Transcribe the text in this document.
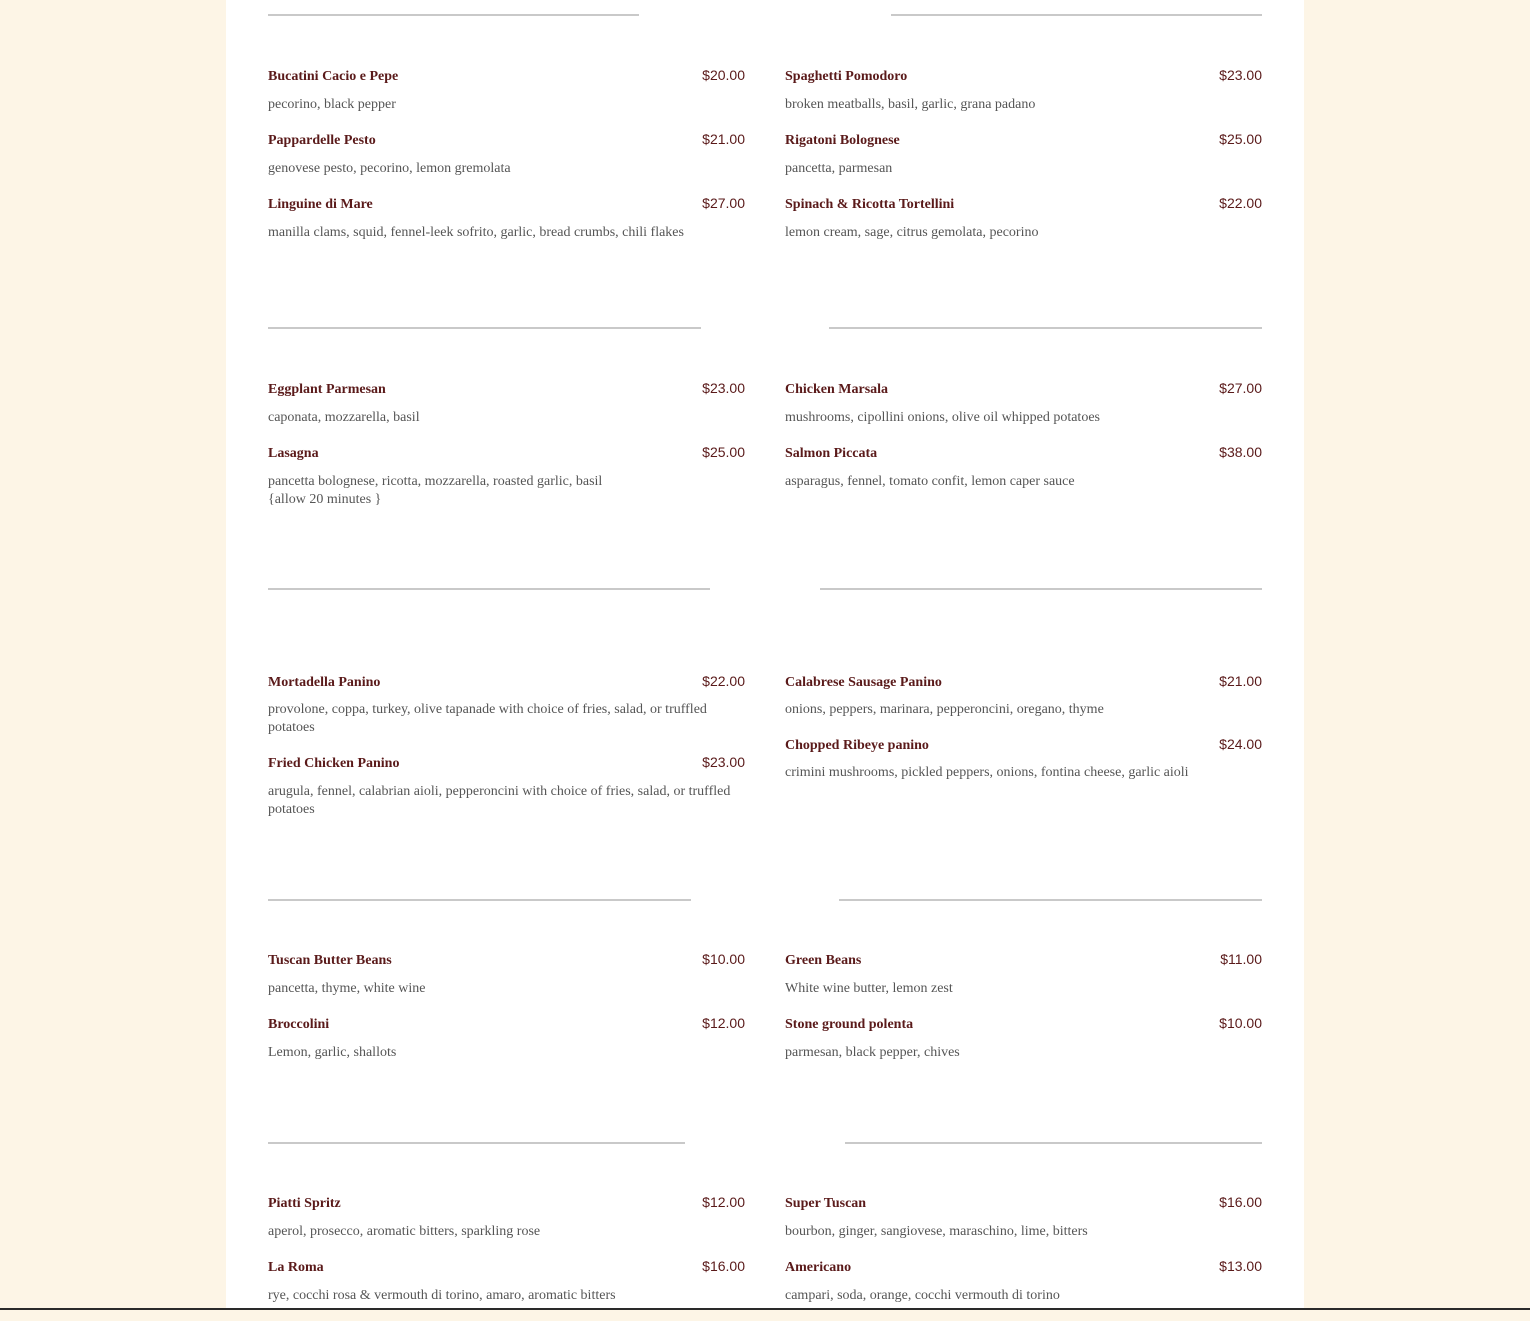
Bucatini Cacio e Pepe	$20.00
pecorino, black pepper
Pappardelle Pesto	$21.00
genovese pesto, pecorino, lemon gremolata
Linguine di Mare	$27.00
manilla clams, squid, fennel-leek sofrito, garlic, bread crumbs, chili flakes
Spaghetti Pomodoro	$23.00
broken meatballs, basil, garlic, grana padano
Rigatoni Bolognese	$25.00
pancetta, parmesan
Spinach & Ricotta Tortellini	$22.00
lemon cream, sage, citrus gemolata, pecorino
Eggplant Parmesan	$23.00
caponata, mozzarella, basil
Lasagna	$25.00
pancetta bolognese, ricotta, mozzarella, roasted garlic, basil
{allow 20 minutes }
Chicken Marsala	$27.00
mushrooms, cipollini onions, olive oil whipped potatoes
Salmon Piccata	$38.00
asparagus, fennel, tomato confit, lemon caper sauce
Mortadella Panino	$22.00
provolone, coppa, turkey, olive tapanade with choice of fries, salad, or truffled potatoes
Fried Chicken Panino	$23.00
arugula, fennel, calabrian aioli, pepperoncini with choice of fries, salad, or truffled potatoes
Calabrese Sausage Panino	$21.00
onions, peppers, marinara, pepperoncini, oregano, thyme
Chopped Ribeye panino	$24.00
crimini mushrooms, pickled peppers, onions, fontina cheese, garlic aioli
Tuscan Butter Beans	$10.00
pancetta, thyme, white wine
Broccolini	$12.00
Lemon, garlic, shallots
Green Beans	$11.00
White wine butter, lemon zest
Stone ground polenta	$10.00
parmesan, black pepper, chives
Piatti Spritz	$12.00
aperol, prosecco, aromatic bitters, sparkling rose
La Roma	$16.00
rye, cocchi rosa & vermouth di torino, amaro, aromatic bitters
Super Tuscan	$16.00
bourbon, ginger, sangiovese, maraschino, lime, bitters
Americano	$13.00
campari, soda, orange, cocchi vermouth di torino
